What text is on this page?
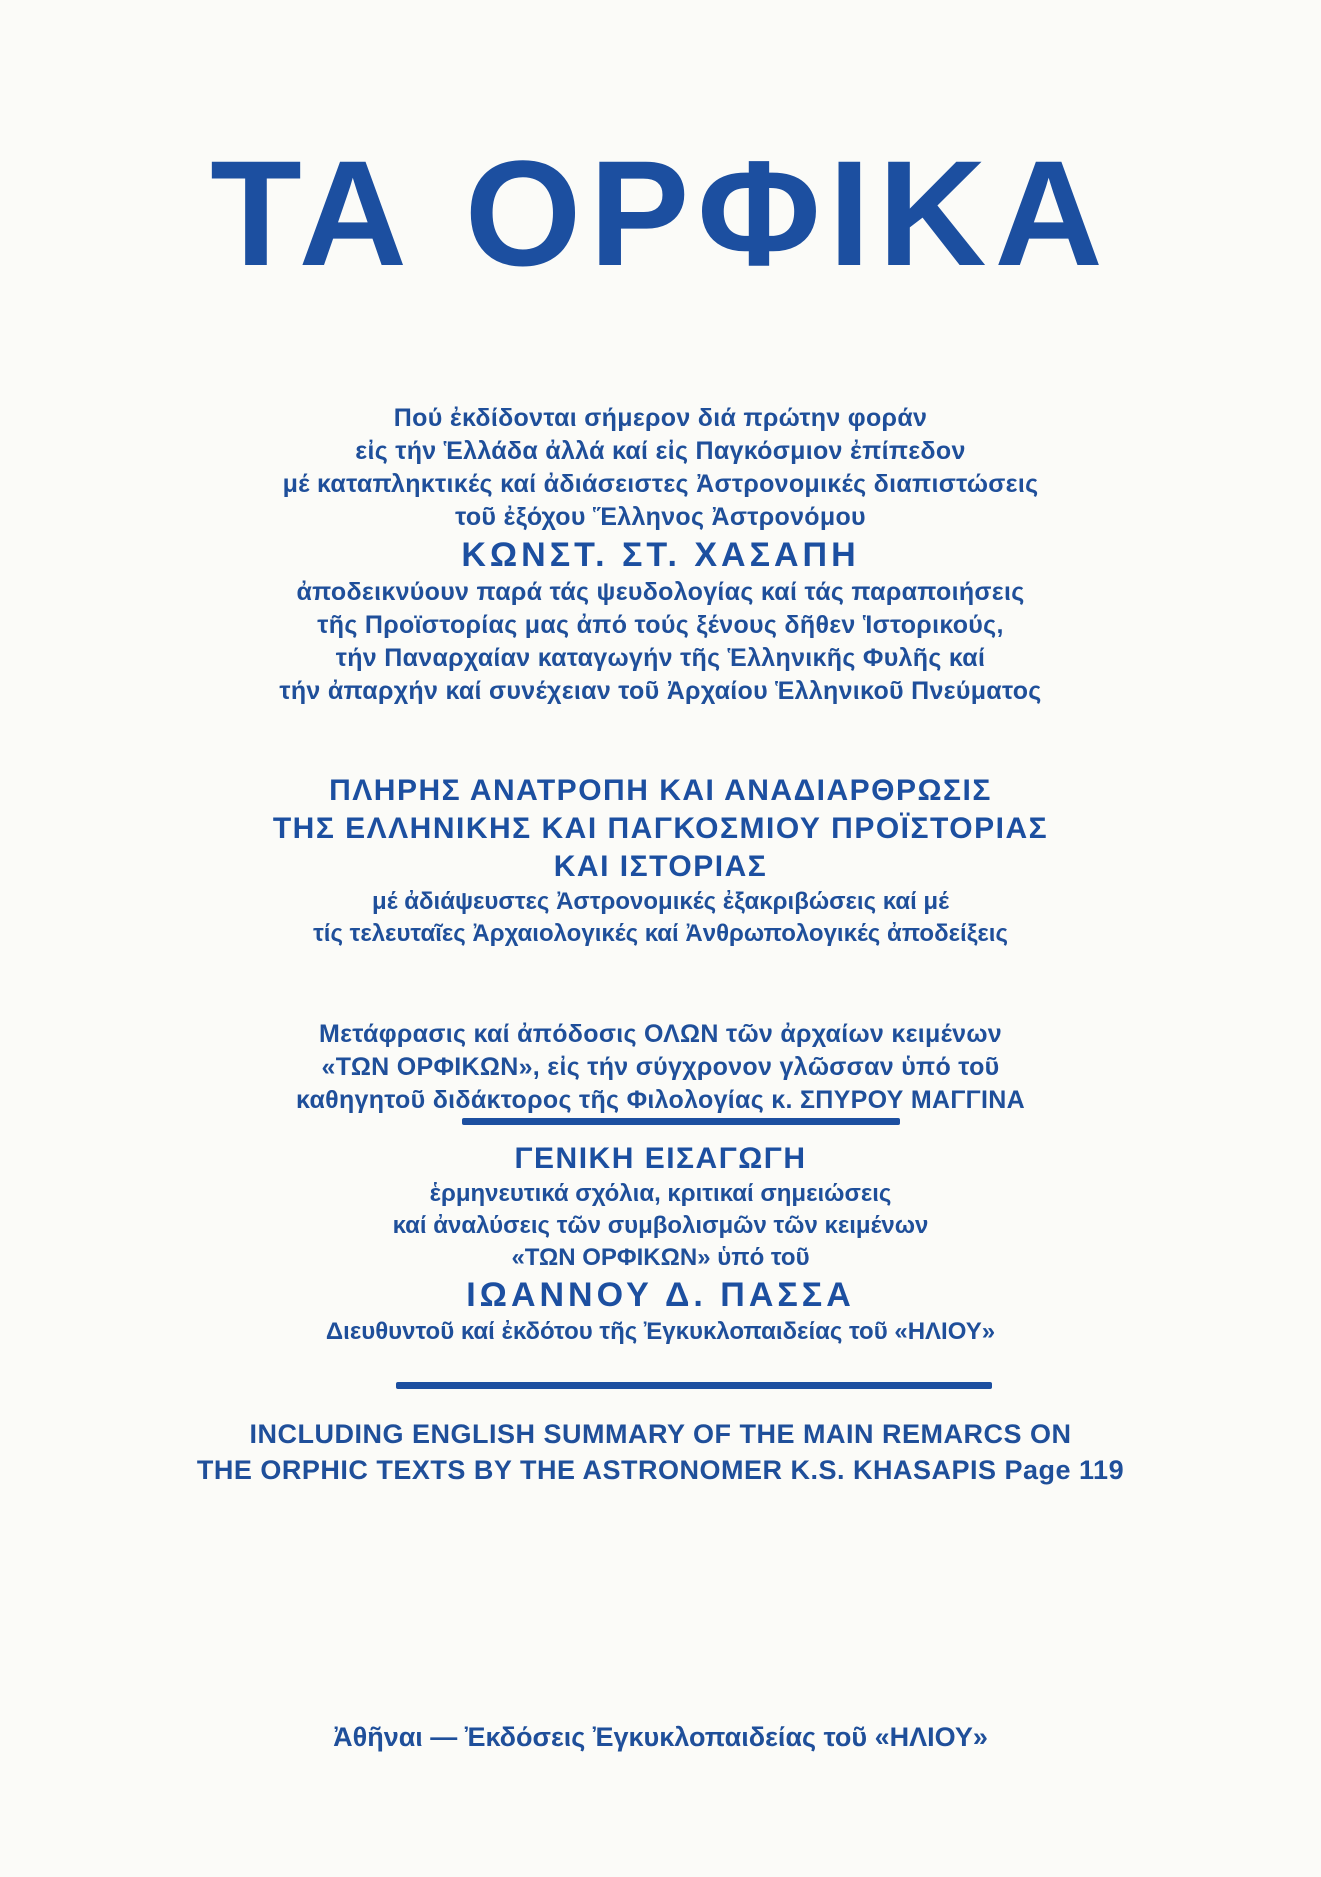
ΤΑ ΟΡΦΙΚΑ
Πού ἐκδίδονται σήμερον διά πρώτην φοράν
εἰς τήν Ἑλλάδα ἀλλά καί εἰς Παγκόσμιον ἐπίπεδον
μέ καταπληκτικές καί ἀδιάσειστες Ἀστρονομικές διαπιστώσεις
τοῦ ἐξόχου Ἕλληνος Ἀστρονόμου
ΚΩΝΣΤ. ΣΤ. ΧΑΣΑΠΗ
ἀποδεικνύουν παρά τάς ψευδολογίας καί τάς παραποιήσεις
τῆς Προϊστορίας μας ἀπό τούς ξένους δῆθεν Ἱστορικούς,
τήν Παναρχαίαν καταγωγήν τῆς Ἑλληνικῆς Φυλῆς καί
τήν ἀπαρχήν καί συνέχειαν τοῦ Ἀρχαίου Ἑλληνικοῦ Πνεύματος
ΠΛΗΡΗΣ ΑΝΑΤΡΟΠΗ ΚΑΙ ΑΝΑΔΙΑΡΘΡΩΣΙΣ
ΤΗΣ ΕΛΛΗΝΙΚΗΣ ΚΑΙ ΠΑΓΚΟΣΜΙΟΥ ΠΡΟΪΣΤΟΡΙΑΣ
ΚΑΙ ΙΣΤΟΡΙΑΣ
μέ ἀδιάψευστες Ἀστρονομικές ἐξακριβώσεις καί μέ
τίς τελευταῖες Ἀρχαιολογικές καί Ἀνθρωπολογικές ἀποδείξεις
Μετάφρασις καί ἀπόδοσις ΟΛΩΝ τῶν ἀρχαίων κειμένων
«ΤΩΝ ΟΡΦΙΚΩΝ», εἰς τήν σύγχρονον γλῶσσαν ὑπό τοῦ
καθηγητοῦ διδάκτορος τῆς Φιλολογίας κ. ΣΠΥΡΟΥ ΜΑΓΓΙΝΑ
ΓΕΝΙΚΗ ΕΙΣΑΓΩΓΗ
ἑρμηνευτικά σχόλια, κριτικαί σημειώσεις
καί ἀναλύσεις τῶν συμβολισμῶν τῶν κειμένων
«ΤΩΝ ΟΡΦΙΚΩΝ» ὑπό τοῦ
ΙΩΑΝΝΟΥ Δ. ΠΑΣΣΑ
Διευθυντοῦ καί ἐκδότου τῆς Ἐγκυκλοπαιδείας τοῦ «ΗΛΙΟΥ»
INCLUDING ENGLISH SUMMARY OF THE MAIN REMARCS ON
THE ORPHIC TEXTS BY THE ASTRONOMER K.S. KHASAPIS Page 119
Ἀθῆναι — Ἐκδόσεις Ἐγκυκλοπαιδείας τοῦ «ΗΛΙΟΥ»
